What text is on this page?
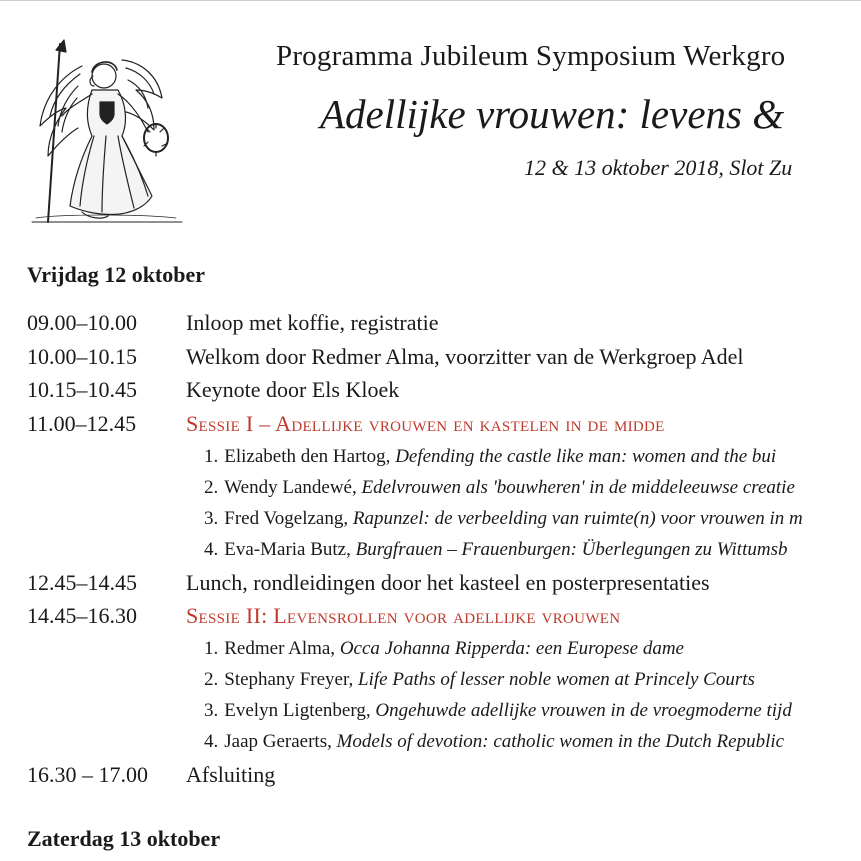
Programma Jubileum Symposium Werkgro
Adellijke vrouwen: levens &
12 & 13 oktober 2018, Slot Zu
Vrijdag 12 oktober
09.00–10.00 Inloop met koffie, registratie
10.00–10.15 Welkom door Redmer Alma, voorzitter van de Werkgroep Adel
10.15–10.45 Keynote door Els Kloek
11.00–12.45 Sessie I – Adellijke vrouwen en kastelen in de midde
1. Elizabeth den Hartog, Defending the castle like man: women and the bui
2. Wendy Landewé, Edelvrouwen als 'bouwheren' in de middeleeuwse creatie
3. Fred Vogelzang, Rapunzel: de verbeelding van ruimte(n) voor vrouwen in m
4. Eva-Maria Butz, Burgfrauen – Frauenburgen: Überlegungen zu Wittumsb
12.45–14.45 Lunch, rondleidingen door het kasteel en posterpresentaties
14.45–16.30 Sessie II: Levensrollen voor adellijke vrouwen
1. Redmer Alma, Occa Johanna Ripperda: een Europese dame
2. Stephany Freyer, Life Paths of lesser noble women at Princely Courts
3. Evelyn Ligtenberg, Ongehuwde adellijke vrouwen in de vroegmoderne tijd
4. Jaap Geraerts, Models of devotion: catholic women in the Dutch Republic
16.30 – 17.00 Afsluiting
Zaterdag 13 oktober
